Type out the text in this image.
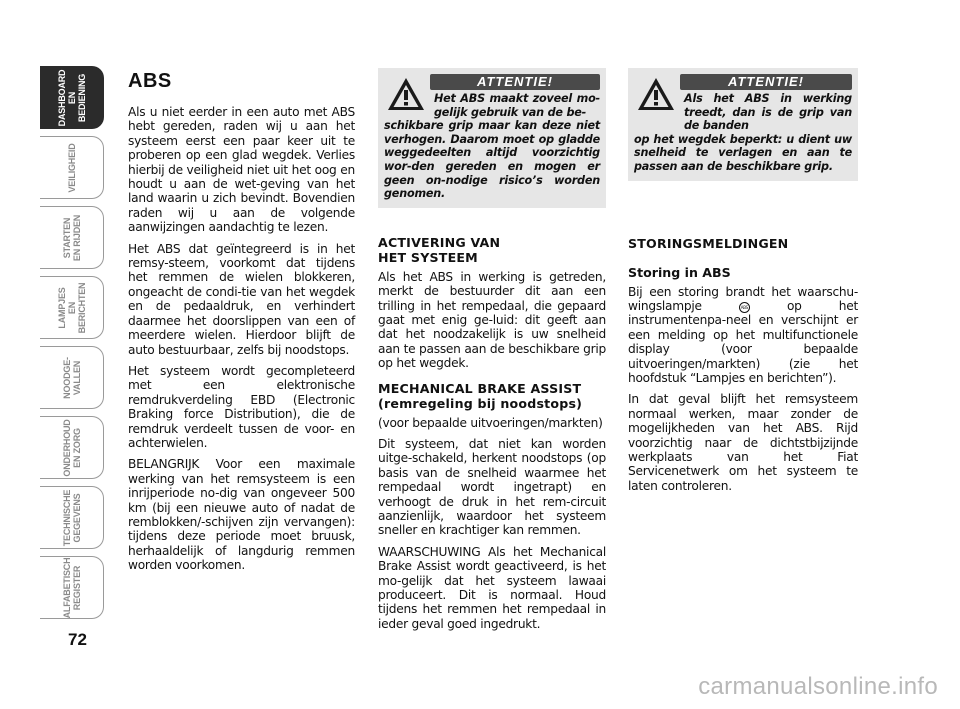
DASHBOARD
EN BEDIENING
VEILIGHEID
STARTEN
EN RIJDEN
LAMPJES
EN BERICHTEN
NOODGE-
VALLEN
ONDERHOUD
EN ZORG
TECHNISCHE
GEGEVENS
ALFABETISCH
REGISTER
72
ABS

Als u niet eerder in een auto met ABS hebt gereden, raden wij u aan het systeem eerst een paar keer uit te proberen op een glad wegdek. Verlies hierbij de veiligheid niet uit het oog en houdt u aan de wet-geving van het land waarin u zich bevindt. Bovendien raden wij u aan de volgende aanwijzingen aandachtig te lezen.

Het ABS dat geïntegreerd is in het remsy-steem, voorkomt dat tijdens het remmen de wielen blokkeren, ongeacht de condi-tie van het wegdek en de pedaaldruk, en verhindert daarmee het doorslippen van een of meerdere wielen. Hierdoor blijft de auto bestuurbaar, zelfs bij noodstops.

Het systeem wordt gecompleteerd met een elektronische remdrukverdeling EBD (Electronic Braking force Distribution), die de remdruk verdeelt tussen de voor- en achterwielen.

BELANGRIJK Voor een maximale werking van het remsysteem is een inrijperiode no-dig van ongeveer 500 km (bij een nieuwe auto of nadat de remblokken/-schijven zijn vervangen): tijdens deze periode moet bruusk, herhaaldelijk of langdurig remmen worden voorkomen.

ATTENTIE!

Het ABS maakt zoveel mo-gelijk gebruik van de be-
schikbare grip maar kan deze niet verhogen. Daarom moet op gladde weggedeelten altijd voorzichtig wor-den gereden en mogen er geen on-nodige risico’s worden genomen.

ACTIVERING VAN
HET SYSTEEM

Als het ABS in werking is getreden, merkt de bestuurder dit aan een trilling in het rempedaal, die gepaard gaat met enig ge-luid: dit geeft aan dat het noodzakelijk is uw snelheid aan te passen aan de beschikbare grip op het wegdek.

MECHANICAL BRAKE ASSIST
(remregeling bij noodstops)

(voor bepaalde uitvoeringen/markten)

Dit systeem, dat niet kan worden uitge-schakeld, herkent noodstops (op basis van de snelheid waarmee het rempedaal wordt ingetrapt) en verhoogt de druk in het rem-circuit aanzienlijk, waardoor het systeem sneller en krachtiger kan remmen.

WAARSCHUWING Als het Mechanical Brake Assist wordt geactiveerd, is het mo-gelijk dat het systeem lawaai produceert. Dit is normaal. Houd tijdens het remmen het rempedaal in ieder geval goed ingedrukt.

ATTENTIE!

Als het ABS in werking treedt, dan is de grip van de banden
op het wegdek beperkt: u dient uw snelheid te verlagen en aan te passen aan de beschikbare grip.

STORINGSMELDINGEN
Storing in ABS

Bij een storing brandt het waarschu-wingslampje	ABS	op het instrumentenpa-neel en verschijnt er een melding op het multifunctionele display (voor bepaalde uitvoeringen/markten) (zie het hoofdstuk “Lampjes en berichten”).

In dat geval blijft het remsysteem normaal werken, maar zonder de mogelijkheden van het ABS. Rijd voorzichtig naar de dichtstbijzijnde werkplaats van het Fiat Servicenetwerk om het systeem te laten controleren.

carmanualsonline.info
